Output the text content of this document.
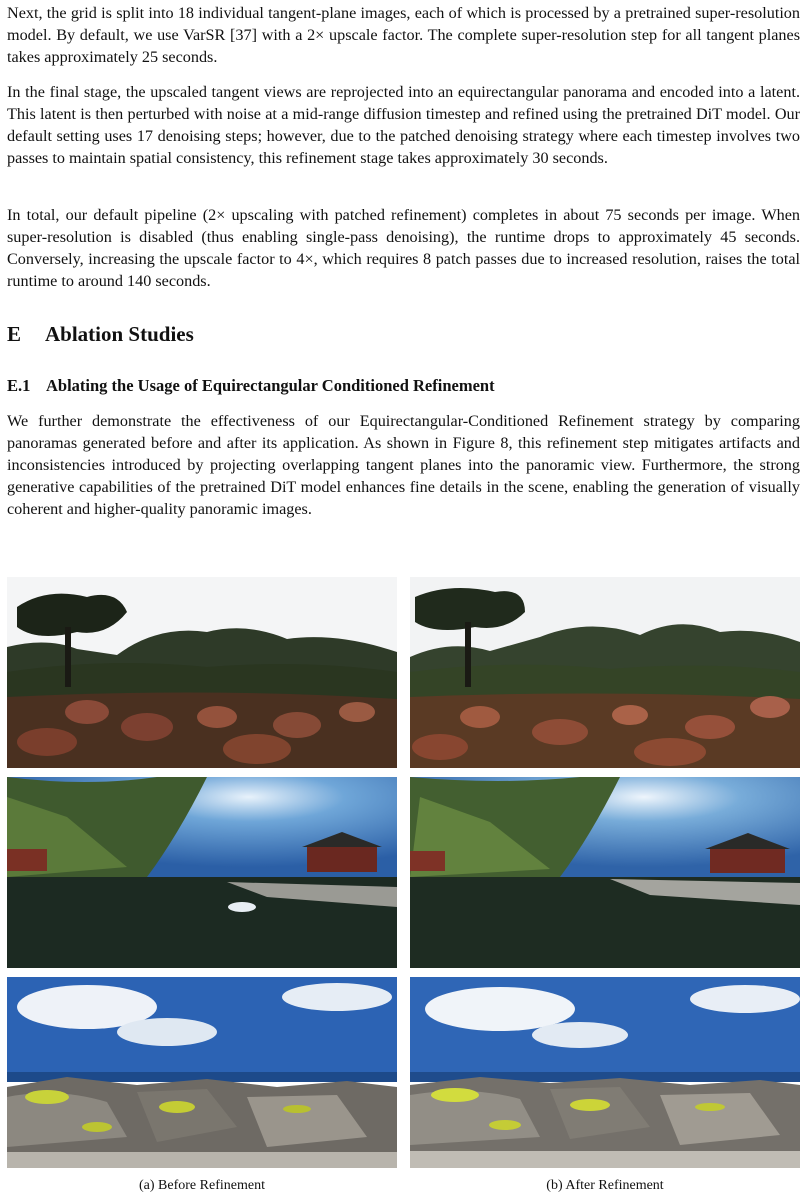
Next, the grid is split into 18 individual tangent-plane images, each of which is processed by a pretrained super-resolution model. By default, we use VarSR [37] with a 2× upscale factor. The complete super-resolution step for all tangent planes takes approximately 25 seconds.

In the final stage, the upscaled tangent views are reprojected into an equirectangular panorama and encoded into a latent. This latent is then perturbed with noise at a mid-range diffusion timestep and refined using the pretrained DiT model. Our default setting uses 17 denoising steps; however, due to the patched denoising strategy where each timestep involves two passes to maintain spatial consistency, this refinement stage takes approximately 30 seconds.

In total, our default pipeline (2× upscaling with patched refinement) completes in about 75 seconds per image. When super-resolution is disabled (thus enabling single-pass denoising), the runtime drops to approximately 45 seconds. Conversely, increasing the upscale factor to 4×, which requires 8 patch passes due to increased resolution, raises the total runtime to around 140 seconds.

E Ablation Studies
E.1 Ablating the Usage of Equirectangular Conditioned Refinement

We further demonstrate the effectiveness of our Equirectangular-Conditioned Refinement strategy by comparing panoramas generated before and after its application. As shown in Figure 8, this refinement step mitigates artifacts and inconsistencies introduced by projecting overlapping tangent planes into the panoramic view. Furthermore, the strong generative capabilities of the pretrained DiT model enhances fine details in the scene, enabling the generation of visually coherent and higher-quality panoramic images.

(a) Before Refinement	(b) After Refinement
